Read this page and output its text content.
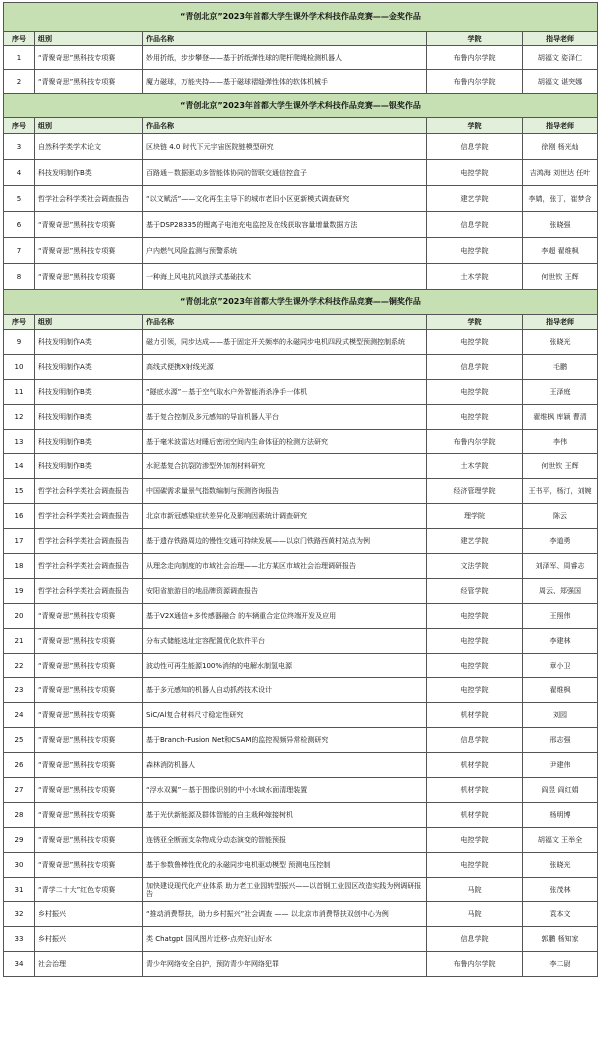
“青创北京”2023年首都大学生课外学术科技作品竞赛——金奖作品				
序号	组别	作品名称	学院	指导老师
1	“青聚奇思”黑科技专项赛	妙用折纸，步步攀登——基于折纸弹性球的爬杆爬绳检测机器人	布鲁内尔学院	胡福文 姿泽仁
2	“青聚奇思”黑科技专项赛	魔力磁球，万能夹持——基于磁球褶缝弹性体的软体机械手	布鲁内尔学院	胡福文 谌突娜
“青创北京”2023年首都大学生课外学术科技作品竞赛——银奖作品				
序号	组别	作品名称	学院	指导老师
3	自然科学类学术论文	区块链 4.0 时代下元宇宙医院链模型研究	信息学院	徐刚 杨光灿
4	科技发明制作B类	百路通－数据驱动多智能体协同的智联交通信控盒子	电控学院	吉鸿海 刘世达 任叶
5	哲学社会科学类社会调查报告	“以文赋活”——文化再生主导下的城市老旧小区更新模式调查研究	建艺学院	李婧，张丁，崔梦含
6	“青聚奇思”黑科技专项赛	基于DSP28335的锂离子电池充电监控及在线获取容量增量数据方法	信息学院	张晓强
7	“青聚奇思”黑科技专项赛	户内燃气风险监测与预警系统	电控学院	李超 翟维枫
8	“青聚奇思”黑科技专项赛	一种海上风电抗风浪浮式基础技术	土木学院	何世钦 王辉
“青创北京”2023年首都大学生课外学术科技作品竞赛——铜奖作品				
序号	组别	作品名称	学院	指导老师
9	科技发明制作A类	磁力引领，同步达成——基于固定开关频率的永磁同步电机四段式模型预测控制系统	电控学院	张晓光
10	科技发明制作A类	高线式便携X射线光源	信息学院	毛鹏
11	科技发明制作B类	“隧底水源”－基于空气取水户外智能消杀净手一体机	电控学院	王泽庭
12	科技发明制作B类	基于复合控制及多元感知的导盲机器人平台	电控学院	翟维枫 库颖 曹清
13	科技发明制作B类	基于毫米波雷达对睡后密闭空间内生命体征的检测方法研究	布鲁内尔学院	李伟
14	科技发明制作B类	水泥基复合抗裂防渗型外加剂材料研究	土木学院	何世钦 王辉
15	哲学社会科学类社会调查报告	中国碳需求量景气指数编制与预测咨询报告	经济管理学院	王书平，杨汀，刘婉
16	哲学社会科学类社会调查报告	北京市新冠感染症状差异化及影响因素统计调查研究	理学院	陈云
17	哲学社会科学类社会调查报告	基于遗存铁路周边的慢性交通可持续发展——以京门铁路西黄村站点为例	建艺学院	李道勇
18	哲学社会科学类社会调查报告	从理念走向制度的市域社会治理——北方某区市域社会治理调研报告	文法学院	刘泽军、周睿志
19	哲学社会科学类社会调查报告	安阳省旅游目的地品牌资源调查报告	经管学院	周云、郑强国
20	“青聚奇思”黑科技专项赛	基于V2X通信+多传感器融合 的车辆重合定位终端开发及应用	电控学院	王照伟
21	“青聚奇思”黑科技专项赛	分布式储能选址定容配置优化软件平台	电控学院	李建林
22	“青聚奇思”黑科技专项赛	波动性可再生能源100%消纳的电解水制氢电源	电控学院	章小卫
23	“青聚奇思”黑科技专项赛	基于多元感知的机器人自动抓药技术设计	电控学院	翟维枫
24	“青聚奇思”黑科技专项赛	SiC/Al复合材料尺寸稳定性研究	机材学院	刘园
25	“青聚奇思”黑科技专项赛	基于Branch-Fusion Net和CSAM的监控视频异常检测研究	信息学院	邢志强
26	“青聚奇思”黑科技专项赛	森林消防机器人	机材学院	尹建伟
27	“青聚奇思”黑科技专项赛	“浮水双翼”－基于图像识别的中小水域水面清理装置	机材学院	阎昱 阎红娟
28	“青聚奇思”黑科技专项赛	基于光伏新能源及群体智能的自主栽种嫁接树机	机材学院	杨明博
29	“青聚奇思”黑科技专项赛	连锈亚全断面支杂物成分动态演变的智能预报	电控学院	胡福文 王举全
30	“青聚奇思”黑科技专项赛	基于参数鲁棒性优化的永磁同步电机驱动模型 预测电压控制	电控学院	张晓光
31	“青学二十大”红色专项赛	加快建设现代化产业体系 助力老工业园转型振兴——以首钢工业园区改造实践为例调研报告	马院	张茂林
32	乡村振兴	“推动消费帮扶，助力乡村振兴”社会调查 —— 以北京市消费帮扶双创中心为例	马院	袁本文
33	乡村振兴	类 Chatgpt 国风图片迁移-点亮好山好水	信息学院	郭鹏 杨知家
34	社会治理	青少年网络安全自护，预防青少年网络犯罪	布鲁内尔学院	李二尉
